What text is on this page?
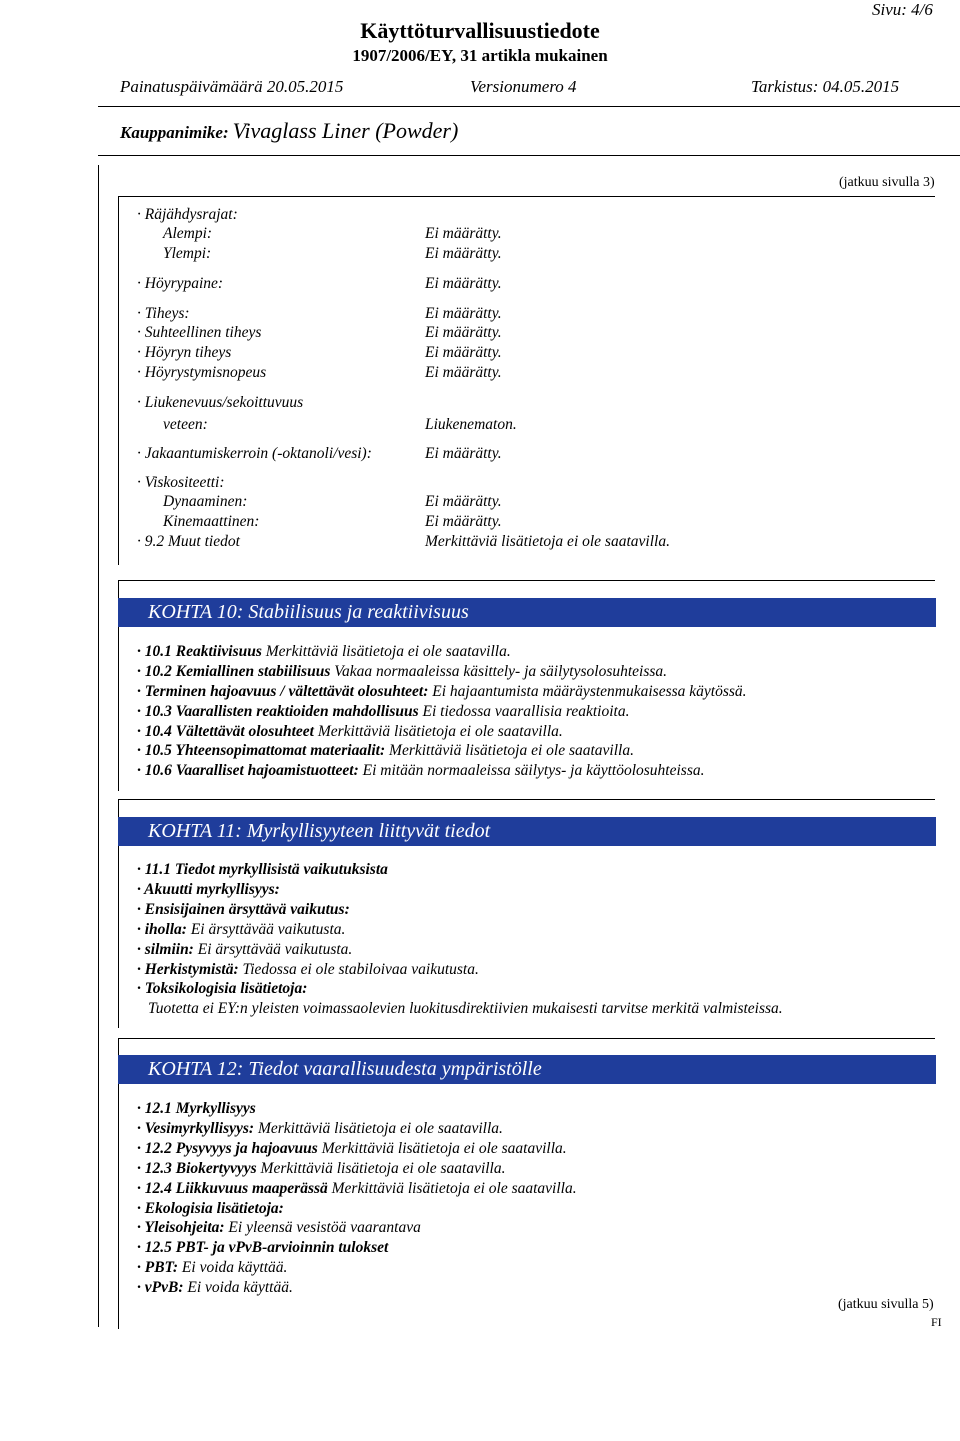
Sivu: 4/6
Käyttöturvallisuustiedote
1907/2006/EY, 31 artikla mukainen
Painatuspäivämäärä 20.05.2015	Versionumero 4	Tarkistus: 04.05.2015
Kauppanimike: Vivaglass Liner (Powder)
(jatkuu sivulla 3)
· Räjähdysrajat:
Alempi:	Ei määrätty.
Ylempi:	Ei määrätty.
· Höyrypaine:	Ei määrätty.
· Tiheys:	Ei määrätty.
· Suhteellinen tiheys	Ei määrätty.
· Höyryn tiheys	Ei määrätty.
· Höyrystymisnopeus	Ei määrätty.
· Liukenevuus/sekoittuvuus
veteen:	Liukenematon.
· Jakaantumiskerroin (-oktanoli/vesi):	Ei määrätty.
· Viskositeetti:
Dynaaminen:	Ei määrätty.
Kinemaattinen:	Ei määrätty.
· 9.2 Muut tiedot	Merkittäviä lisätietoja ei ole saatavilla.
KOHTA 10: Stabiilisuus ja reaktiivisuus
· 10.1 Reaktiivisuus Merkittäviä lisätietoja ei ole saatavilla.
· 10.2 Kemiallinen stabiilisuus Vakaa normaaleissa käsittely- ja säilytysolosuhteissa.
· Terminen hajoavuus / vältettävät olosuhteet: Ei hajaantumista määräystenmukaisessa käytössä.
· 10.3 Vaarallisten reaktioiden mahdollisuus Ei tiedossa vaarallisia reaktioita.
· 10.4 Vältettävät olosuhteet Merkittäviä lisätietoja ei ole saatavilla.
· 10.5 Yhteensopimattomat materiaalit: Merkittäviä lisätietoja ei ole saatavilla.
· 10.6 Vaaralliset hajoamistuotteet: Ei mitään normaaleissa säilytys- ja käyttöolosuhteissa.
KOHTA 11: Myrkyllisyyteen liittyvät tiedot
· 11.1 Tiedot myrkyllisistä vaikutuksista
· Akuutti myrkyllisyys:
· Ensisijainen ärsyttävä vaikutus:
· iholla: Ei ärsyttävää vaikutusta.
· silmiin: Ei ärsyttävää vaikutusta.
· Herkistymistä: Tiedossa ei ole stabiloivaa vaikutusta.
· Toksikologisia lisätietoja:
Tuotetta ei EY:n yleisten voimassaolevien luokitusdirektiivien mukaisesti tarvitse merkitä valmisteissa.
KOHTA 12: Tiedot vaarallisuudesta ympäristölle
· 12.1 Myrkyllisyys
· Vesimyrkyllisyys: Merkittäviä lisätietoja ei ole saatavilla.
· 12.2 Pysyvyys ja hajoavuus Merkittäviä lisätietoja ei ole saatavilla.
· 12.3 Biokertyvyys Merkittäviä lisätietoja ei ole saatavilla.
· 12.4 Liikkuvuus maaperässä Merkittäviä lisätietoja ei ole saatavilla.
· Ekologisia lisätietoja:
· Yleisohjeita: Ei yleensä vesistöä vaarantava
· 12.5 PBT- ja vPvB-arvioinnin tulokset
· PBT: Ei voida käyttää.
· vPvB: Ei voida käyttää.
(jatkuu sivulla 5)
FI
